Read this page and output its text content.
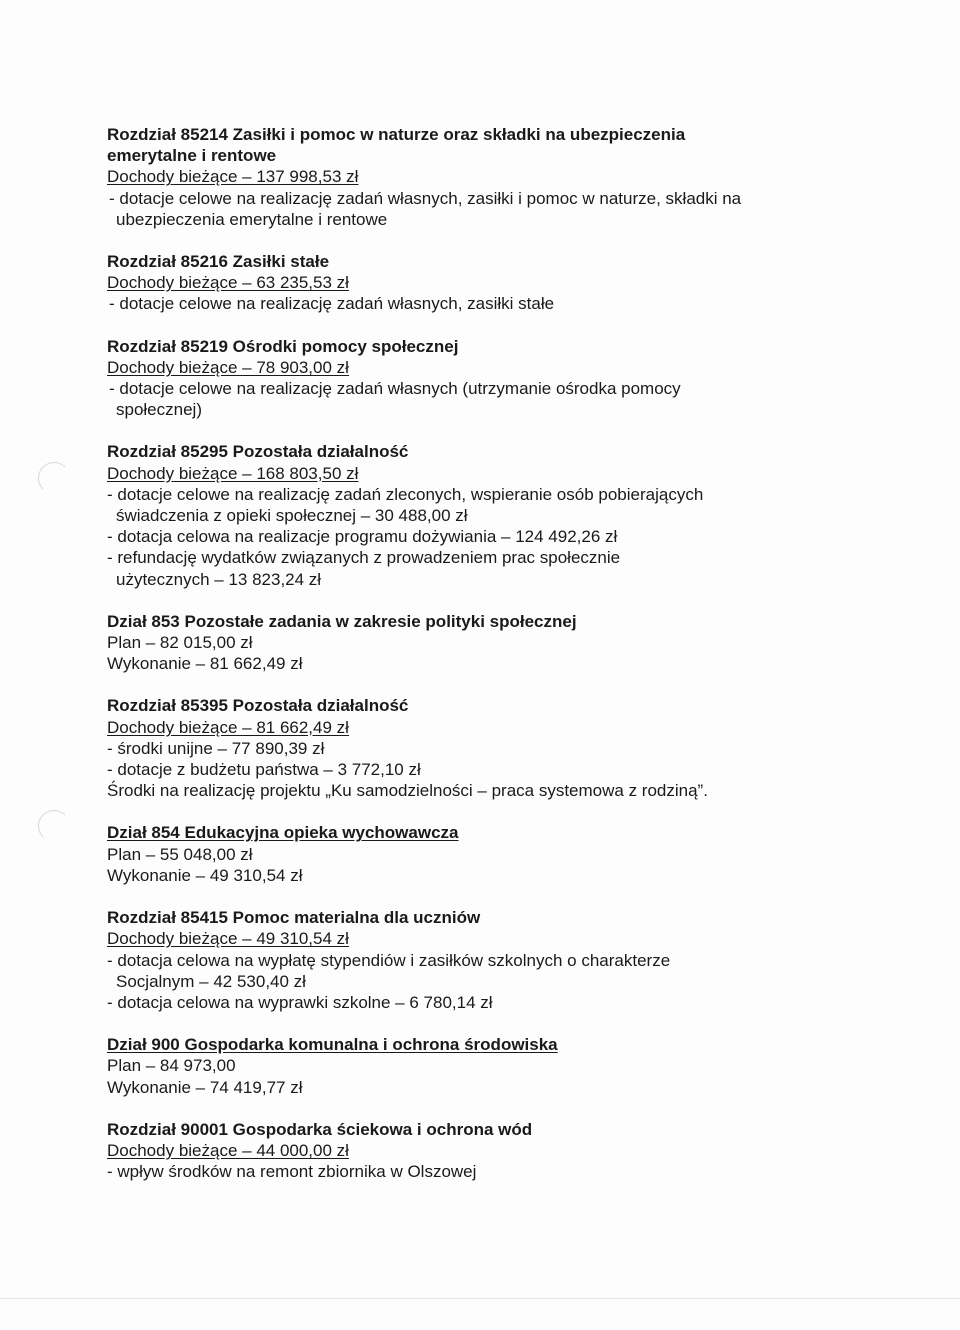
Rozdział 85214 Zasiłki i pomoc w naturze oraz składki na ubezpieczenia
emerytalne i rentowe
Dochody bieżące – 137 998,53 zł
- dotacje celowe na realizację zadań własnych, zasiłki i pomoc w naturze, składki na
ubezpieczenia emerytalne i rentowe
Rozdział 85216 Zasiłki stałe
Dochody bieżące – 63 235,53 zł
- dotacje celowe na realizację zadań własnych, zasiłki stałe
Rozdział 85219 Ośrodki pomocy społecznej
Dochody bieżące – 78 903,00 zł
- dotacje celowe na realizację zadań własnych (utrzymanie ośrodka pomocy
społecznej)
Rozdział 85295 Pozostała działalność
Dochody bieżące – 168 803,50 zł
- dotacje celowe na realizację zadań zleconych, wspieranie osób pobierających
świadczenia z opieki społecznej – 30 488,00 zł
- dotacja celowa na realizacje programu dożywiania – 124 492,26 zł
- refundację wydatków związanych z prowadzeniem prac społecznie
użytecznych – 13 823,24 zł
Dział 853 Pozostałe zadania w zakresie polityki społecznej
Plan – 82 015,00 zł
Wykonanie – 81 662,49 zł
Rozdział 85395 Pozostała działalność
Dochody bieżące – 81 662,49 zł
- środki unijne – 77 890,39 zł
- dotacje z budżetu państwa – 3 772,10 zł
Środki na realizację projektu „Ku samodzielności – praca systemowa z rodziną”.
Dział 854 Edukacyjna opieka wychowawcza
Plan – 55 048,00 zł
Wykonanie – 49 310,54 zł
Rozdział 85415 Pomoc materialna dla uczniów
Dochody bieżące – 49 310,54 zł
- dotacja celowa na wypłatę stypendiów i zasiłków szkolnych o charakterze
Socjalnym – 42 530,40 zł
- dotacja celowa na wyprawki szkolne – 6 780,14 zł
Dział 900 Gospodarka komunalna i ochrona środowiska
Plan – 84 973,00
Wykonanie – 74 419,77 zł
Rozdział 90001 Gospodarka ściekowa i ochrona wód
Dochody bieżące – 44 000,00 zł
- wpływ środków na remont zbiornika w Olszowej
